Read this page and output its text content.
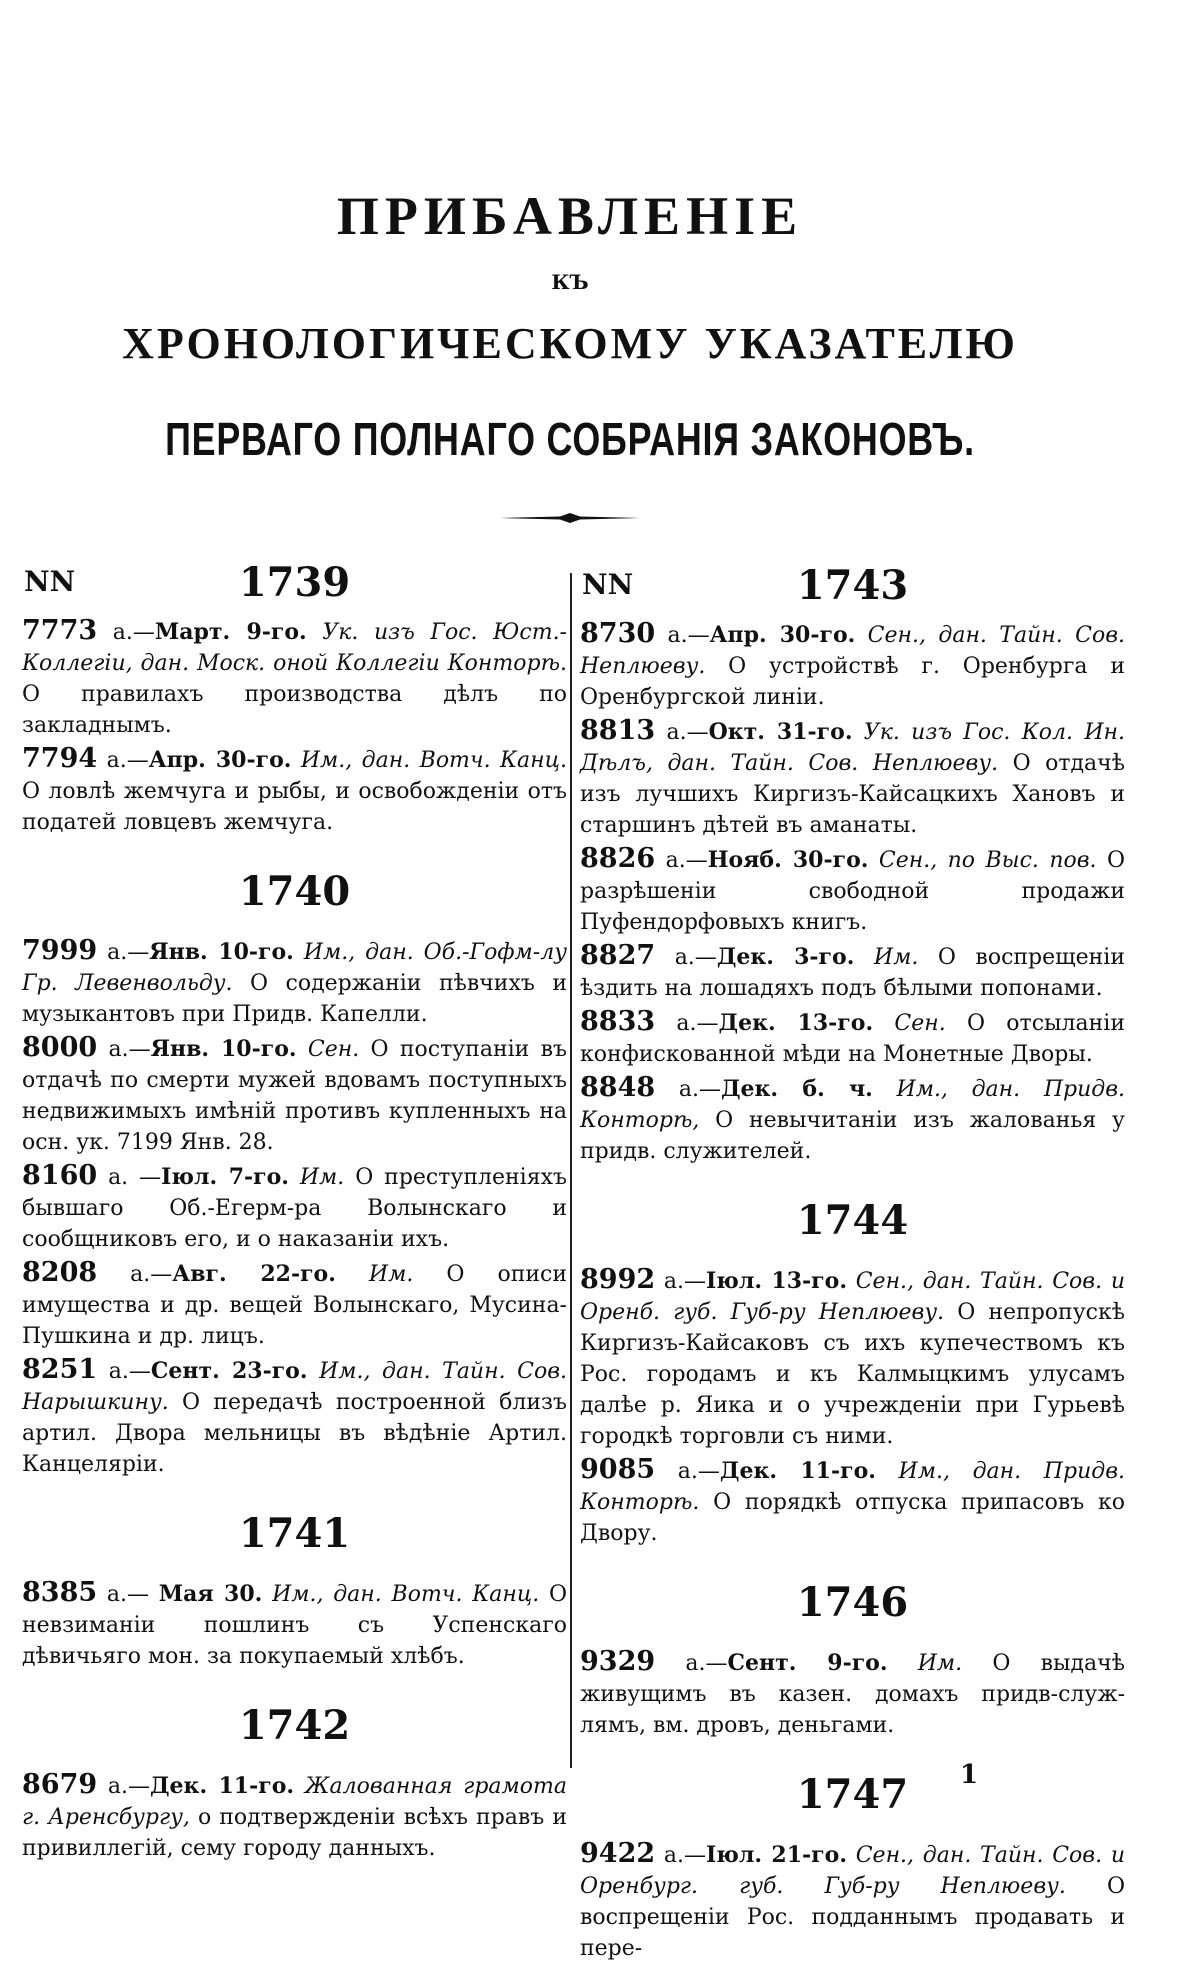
ПРИБАВЛЕНІЕ
КЪ
ХРОНОЛОГИЧЕСКОМУ УКАЗАТЕЛЮ
ПЕРВАГО ПОЛНАГО СОБРАНІЯ ЗАКОНОВЪ.
NN	1739
7773 а.—Март. 9-го. Ук. изъ Гос. Юст.-Коллегіи, дан. Моск. оной Коллегіи Конторѣ. О правилахъ производства дѣлъ по закладнымъ.
7794 а.—Апр. 30-го. Им., дан. Вотч. Канц. О ловлѣ жемчуга и рыбы, и освобожденіи отъ податей ловцевъ жемчуга.
1740
7999 а.—Янв. 10-го. Им., дан. Об.-Гофм-лу Гр. Левенвольду. О содержаніи пѣвчихъ и музыкантовъ при Придв. Капелли.
8000 а.—Янв. 10-го. Сен. О поступаніи въ отдачѣ по смерти мужей вдовамъ поступныхъ недвижимыхъ имѣній противъ купленныхъ на осн. ук. 7199 Янв. 28.
8160 а. —Іюл. 7-го. Им. О преступленіяхъ бывшаго Об.-Егерм-ра Волынскаго и сообщниковъ его, и о наказаніи ихъ.
8208 а.—Авг. 22-го. Им. О описи имущества и др. вещей Волынскаго, Мусина-Пушкина и др. лицъ.
8251 а.—Сент. 23-го. Им., дан. Тайн. Сов. Нарышкину. О передачѣ построенной близъ артил. Двора мельницы въ вѣдѣніе Артил. Канцеляріи.
1741
8385 а.— Мая 30. Им., дан. Вотч. Канц. О невзиманіи пошлинъ съ Успенскаго дѣвичьяго мон. за покупаемый хлѣбъ.
1742
8679 а.—Дек. 11-го. Жалованная грамота г. Аренсбургу, о подтвержденіи всѣхъ правъ и привиллегій, сему городу данныхъ.
NN	1743
8730 а.—Апр. 30-го. Сен., дан. Тайн. Сов. Неплюеву. О устройствѣ г. Оренбурга и Оренбургской линіи.
8813 а.—Окт. 31-го. Ук. изъ Гос. Кол. Ин. Дѣлъ, дан. Тайн. Сов. Неплюеву. О отдачѣ изъ лучшихъ Киргизъ-Кайсацкихъ Хановъ и старшинъ дѣтей въ аманаты.
8826 а.—Нояб. 30-го. Сен., по Выс. пов. О разрѣшеніи свободной продажи Пуфендорфовыхъ книгъ.
8827 а.—Дек. 3-го. Им. О воспрещеніи ѣздить на лошадяхъ подъ бѣлыми попонами.
8833 а.—Дек. 13-го. Сен. О отсыланіи конфискованной мѣди на Монетные Дворы.
8848 а.—Дек. б. ч. Им., дан. Придв. Конторѣ, О невычитаніи изъ жалованья у придв. служителей.
1744
8992 а.—Іюл. 13-го. Сен., дан. Тайн. Сов. и Оренб. губ. Губ-ру Неплюеву. О непропускѣ Киргизъ-Кайсаковъ съ ихъ купечествомъ къ Рос. городамъ и къ Калмыцкимъ улусамъ далѣе р. Яика и о учрежденіи при Гурьевѣ городкѣ торговли съ ними.
9085 а.—Дек. 11-го. Им., дан. Придв. Конторѣ. О порядкѣ отпуска припасовъ ко Двору.
1746
9329 а.—Сент. 9-го. Им. О выдачѣ живущимъ въ казен. домахъ придв-служ-лямъ, вм. дровъ, деньгами.
1747
9422 а.—Іюл. 21-го. Сен., дан. Тайн. Сов. и Оренбург. губ. Губ-ру Неплюеву. О воспрещеніи Рос. подданнымъ продавать и пере-
1
